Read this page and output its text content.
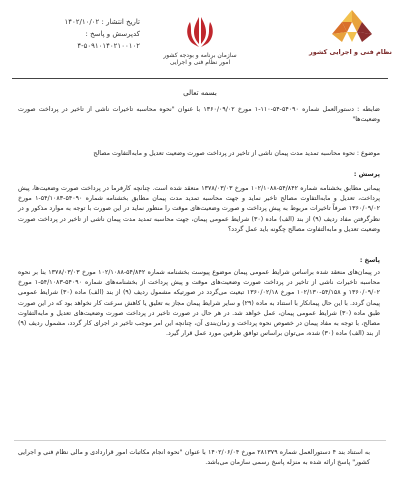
نظام فنی و اجرایی کشور
سازمان برنامه و بودجه کشور
امور نظام فنی و اجرایی
تاریخ انتشار : ۱۴۰۲/۱۰/۰۲
کدپرسش و پاسخ :
۴-۵۰۹۱۰۱۴۰۲۱۰۰۱۰۲
بسمه تعالی

ضابطه : دستورالعمل شماره ۵۴۰۹۰-۵۴-۱۱۰-۱ مورخ ۱۳۶۰/۰۹/۰۲ با عنوان "نحوه محاسبه تاخیرات ناشی از تاخیر در پرداخت صورت وضعیت‌ها"

موضوع : نحوه محاسبه تمدید مدت پیمان ناشی از تاخیر در پرداخت صورت وضعیت تعدیل و مابه‌التفاوت مصالح

پرسش :

پیمانی مطابق بخشنامه شماره ۵۴/۸۴۲-۱۰۲/۱۰۸۸ مورخ ۱۳۷۸/۰۳/۰۳ منعقد شده است. چنانچه کارفرما در پرداخت صورت وضعیت‌ها، پیش پرداخت، تعدیل و مابه‌التفاوت مصالح تاخیر نماید و جهت محاسبه تمدید مدت پیمان مطابق بخشنامه شماره ۵۴۰۹۰-۵۴/۱۰۸۳-۱ مورخ ۱۳۶۰/۰۹/۰۲ صرفاً تاخیرات مربوط به پیش پرداخت و صورت وضعیت‌های موقت را منظور نماید در این صورت با توجه به موارد مذکور و در نظرگرفتن مفاد ردیف (۹) از بند (الف) ماده (۳۰) شرایط عمومی پیمان، جهت محاسبه تمدید مدت پیمان ناشی از تاخیر در پرداخت صورت وضعیت تعدیل و مابه‌التفاوت مصالح چگونه باید عمل گردد؟

پاسخ :

در پیمان‌های منعقد شده براساس شرایط عمومی پیمان موضوع پیوست بخشنامه شماره ۵۴/۸۴۲-۱۰۲/۱۰۸۸ مورخ ۱۳۷۸/۰۳/۰۳ بنا بر نحوه محاسبه تاخیرات ناشی از تاخیر در پرداخت صورت وضعیت‌های موقت و پیش پرداخت از بخشنامه‌های شماره ۵۴۰۹۰-۵۴/۱۰۸۳-۱ مورخ ۱۳۶۰/۰۹/۰۲ و ۵۴/۱۵۸-۱۰۲/۱۳۰ مورخ ۱۳۶۰/۰۲/۱۸ تبعیت می‌گردد در صورتیکه مشمول ردیف (۹) از بند (الف) ماده (۳۰) شرایط عمومی پیمان گردد. با این حال پیمانکار با استناد به ماده (۲۹) و سایر شرایط پیمان مجاز به تعلیق یا کاهش سرعت کار نخواهد بود که در این صورت طبق ماده (۳۰) شرایط عمومی پیمان، عمل خواهد شد. در هر حال در صورت تاخیر در پرداخت صورت وضعیت‌های تعدیل و مابه‌التفاوت مصالح، با توجه به مفاد پیمان در خصوص نحوه پرداخت و زمان‌بندی آن، چنانچه این امر موجب تاخیر در اجرای کار گردد، مشمول ردیف (۹) از بند (الف) ماده (۳۰) شده، می‌توان براساس توافق طرفین مورد عمل قرار گیرد.

به استناد بند ۴ دستورالعمل شماره ۲۸۱۳۷۹ مورخ ۱۴۰۲/۰۶/۰۴ با عنوان "نحوه انجام مکاتبات امور قراردادی و مالی نظام فنی و اجرایی کشور" پاسخ ارائه شده به منزله پاسخ رسمی سازمان می‌باشد.
